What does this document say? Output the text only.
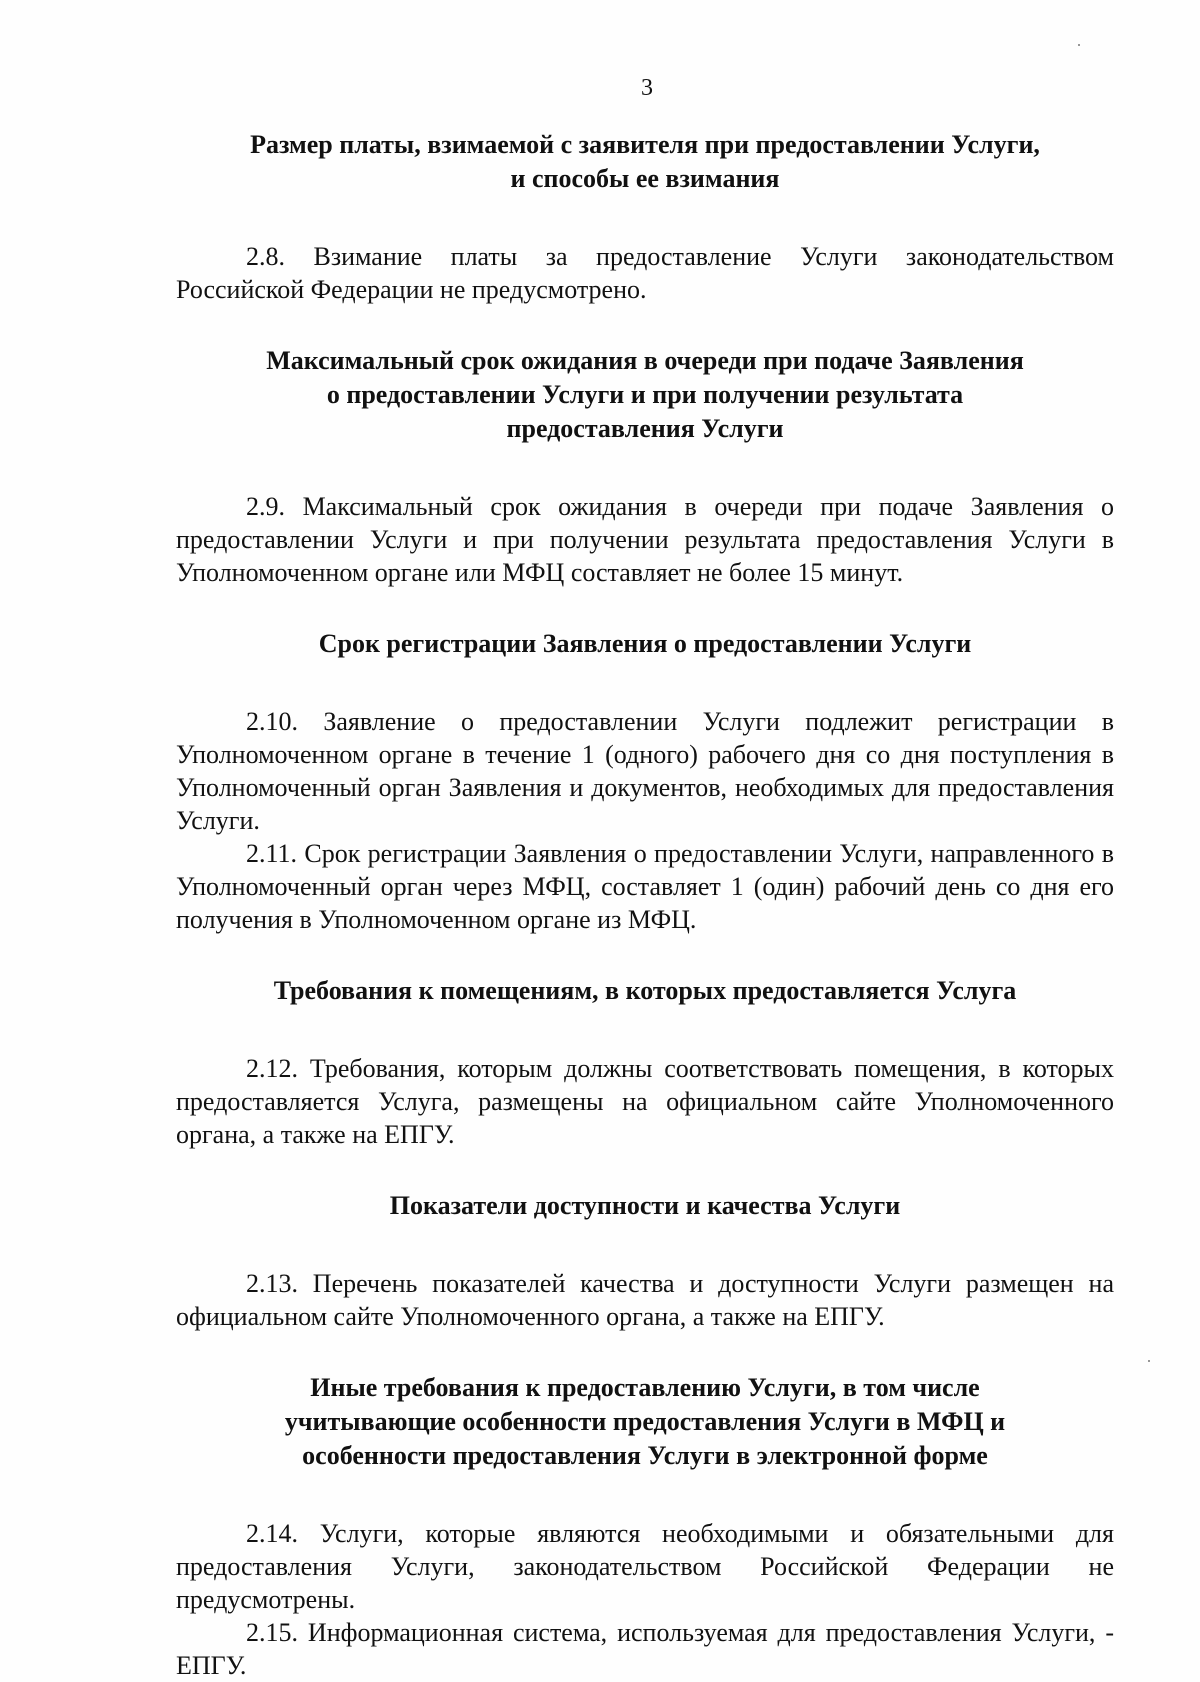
3

Размер платы, взимаемой с заявителя при предоставлении Услуги,
и способы ее взимания

2.8. Взимание платы за предоставление Услуги законодательством Российской Федерации не предусмотрено.

Максимальный срок ожидания в очереди при подаче Заявления
о предоставлении Услуги и при получении результата
предоставления Услуги

2.9. Максимальный срок ожидания в очереди при подаче Заявления о предоставлении Услуги и при получении результата предоставления Услуги в Уполномоченном органе или МФЦ составляет не более 15 минут.

Срок регистрации Заявления о предоставлении Услуги

2.10. Заявление о предоставлении Услуги подлежит регистрации в Уполномоченном органе в течение 1 (одного) рабочего дня со дня поступления в Уполномоченный орган Заявления и документов, необходимых для предоставления Услуги.

2.11. Срок регистрации Заявления о предоставлении Услуги, направленного в Уполномоченный орган через МФЦ, составляет 1 (один) рабочий день со дня его получения в Уполномоченном органе из МФЦ.

Требования к помещениям, в которых предоставляется Услуга

2.12. Требования, которым должны соответствовать помещения, в которых предоставляется Услуга, размещены на официальном сайте Уполномоченного органа, а также на ЕПГУ.

Показатели доступности и качества Услуги

2.13. Перечень показателей качества и доступности Услуги размещен на официальном сайте Уполномоченного органа, а также на ЕПГУ.

Иные требования к предоставлению Услуги, в том числе
учитывающие особенности предоставления Услуги в МФЦ и
особенности предоставления Услуги в электронной форме

2.14. Услуги, которые являются необходимыми и обязательными для предоставления Услуги, законодательством Российской Федерации не предусмотрены.

2.15. Информационная система, используемая для предоставления Услуги, - ЕПГУ.
